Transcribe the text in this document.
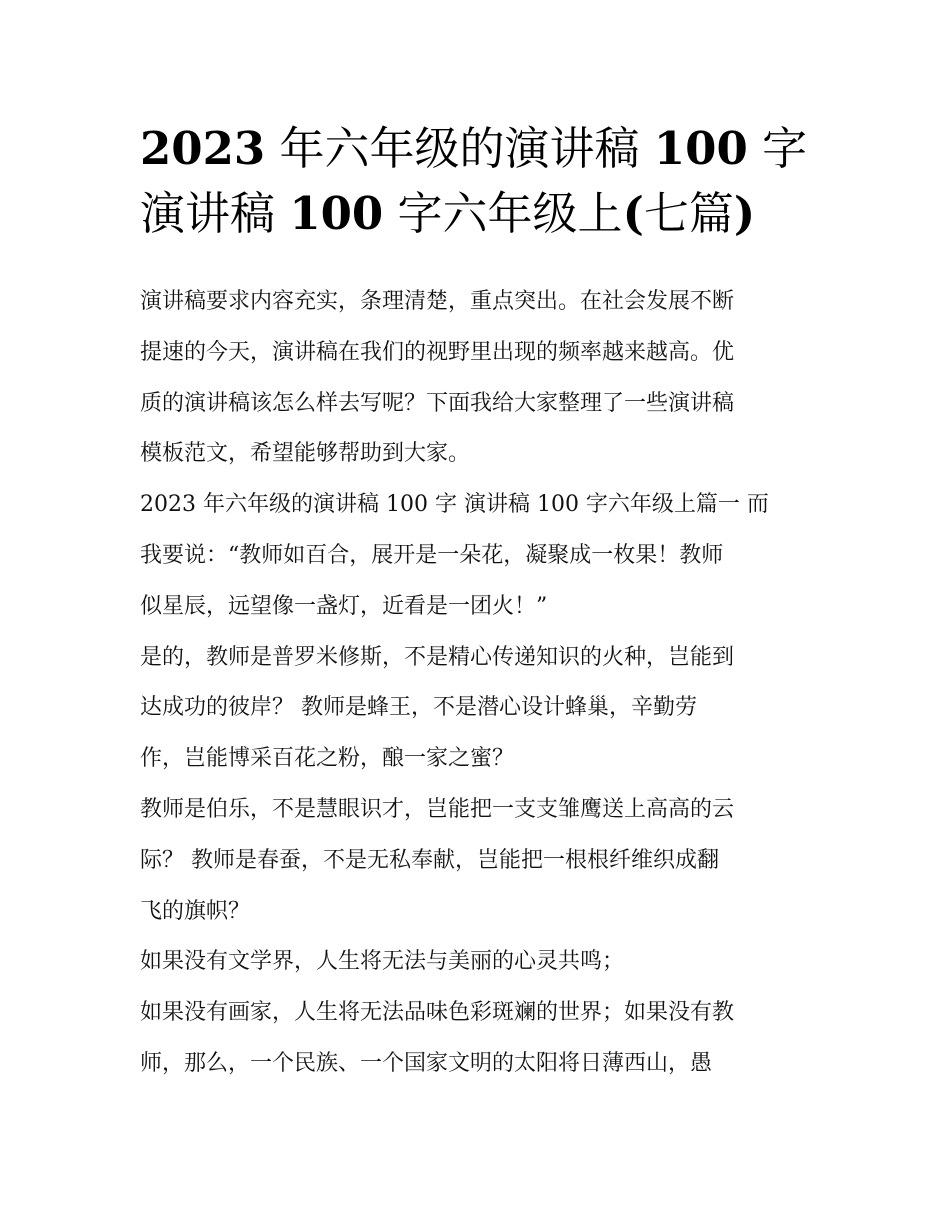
2023 年六年级的演讲稿 100 字
演讲稿 100 字六年级上(七篇)
演讲稿要求内容充实，条理清楚，重点突出。在社会发展不断
提速的今天，演讲稿在我们的视野里出现的频率越来越高。优
质的演讲稿该怎么样去写呢？下面我给大家整理了一些演讲稿
模板范文，希望能够帮助到大家。
2023 年六年级的演讲稿 100 字 演讲稿 100 字六年级上篇一 而
我要说：“教师如百合，展开是一朵花，凝聚成一枚果！教师
似星辰，远望像一盏灯，近看是一团火！”
是的，教师是普罗米修斯，不是精心传递知识的火种，岂能到
达成功的彼岸？ 教师是蜂王，不是潜心设计蜂巢，辛勤劳
作，岂能博采百花之粉，酿一家之蜜？
教师是伯乐，不是慧眼识才，岂能把一支支雏鹰送上高高的云
际？ 教师是春蚕，不是无私奉献，岂能把一根根纤维织成翻
飞的旗帜？
如果没有文学界，人生将无法与美丽的心灵共鸣；
如果没有画家，人生将无法品味色彩斑斓的世界；如果没有教
师，那么，一个民族、一个国家文明的太阳将日薄西山，愚
